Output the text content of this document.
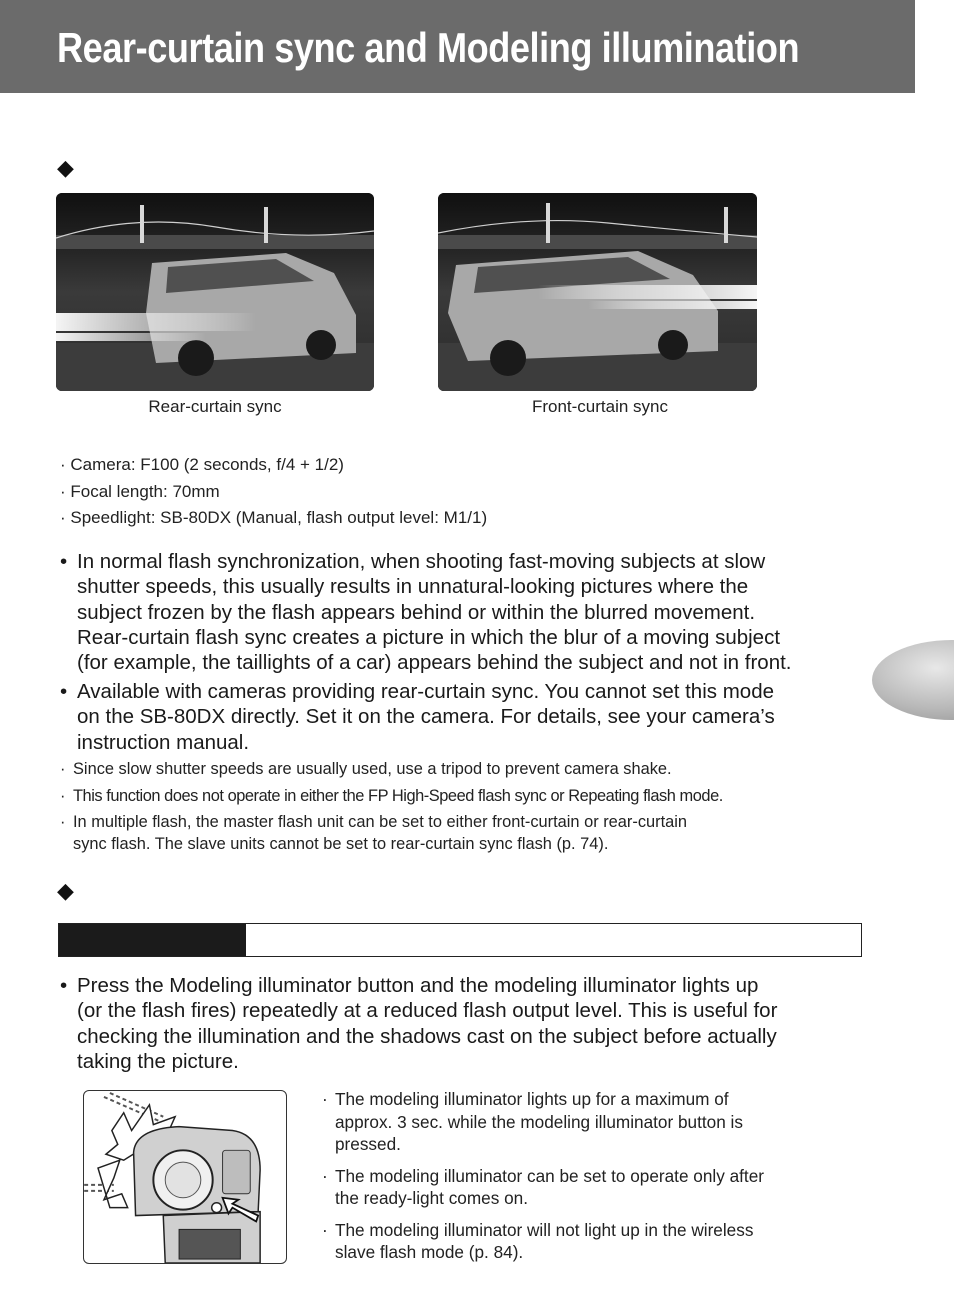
Rear-curtain sync and Modeling illumination
◆
Rear-curtain sync	Front-curtain sync
· Camera: F100 (2 seconds, f/4 + 1/2)
· Focal length: 70mm
· Speedlight: SB-80DX (Manual, flash output level: M1/1)
• In normal flash synchronization, when shooting fast-moving subjects at slow
shutter speeds, this usually results in unnatural-looking pictures where the
subject frozen by the flash appears behind or within the blurred movement.
Rear-curtain flash sync creates a picture in which the blur of a moving subject
(for example, the taillights of a car) appears behind the subject and not in front.
• Available with cameras providing rear-curtain sync. You cannot set this mode
on the SB-80DX directly. Set it on the camera. For details, see your camera’s
instruction manual.
· Since slow shutter speeds are usually used, use a tripod to prevent camera shake.
· This function does not operate in either the FP High-Speed flash sync or Repeating flash mode.
· In multiple flash, the master flash unit can be set to either front-curtain or rear-curtain
sync flash. The slave units cannot be set to rear-curtain sync flash (p. 74).
◆
• Press the Modeling illuminator button and the modeling illuminator lights up
(or the flash fires) repeatedly at a reduced flash output level. This is useful for
checking the illumination and the shadows cast on the subject before actually
taking the picture.
· The modeling illuminator lights up for a maximum of
approx. 3 sec. while the modeling illuminator button is
pressed.
· The modeling illuminator can be set to operate only after
the ready-light comes on.
· The modeling illuminator will not light up in the wireless
slave flash mode (p. 84).
